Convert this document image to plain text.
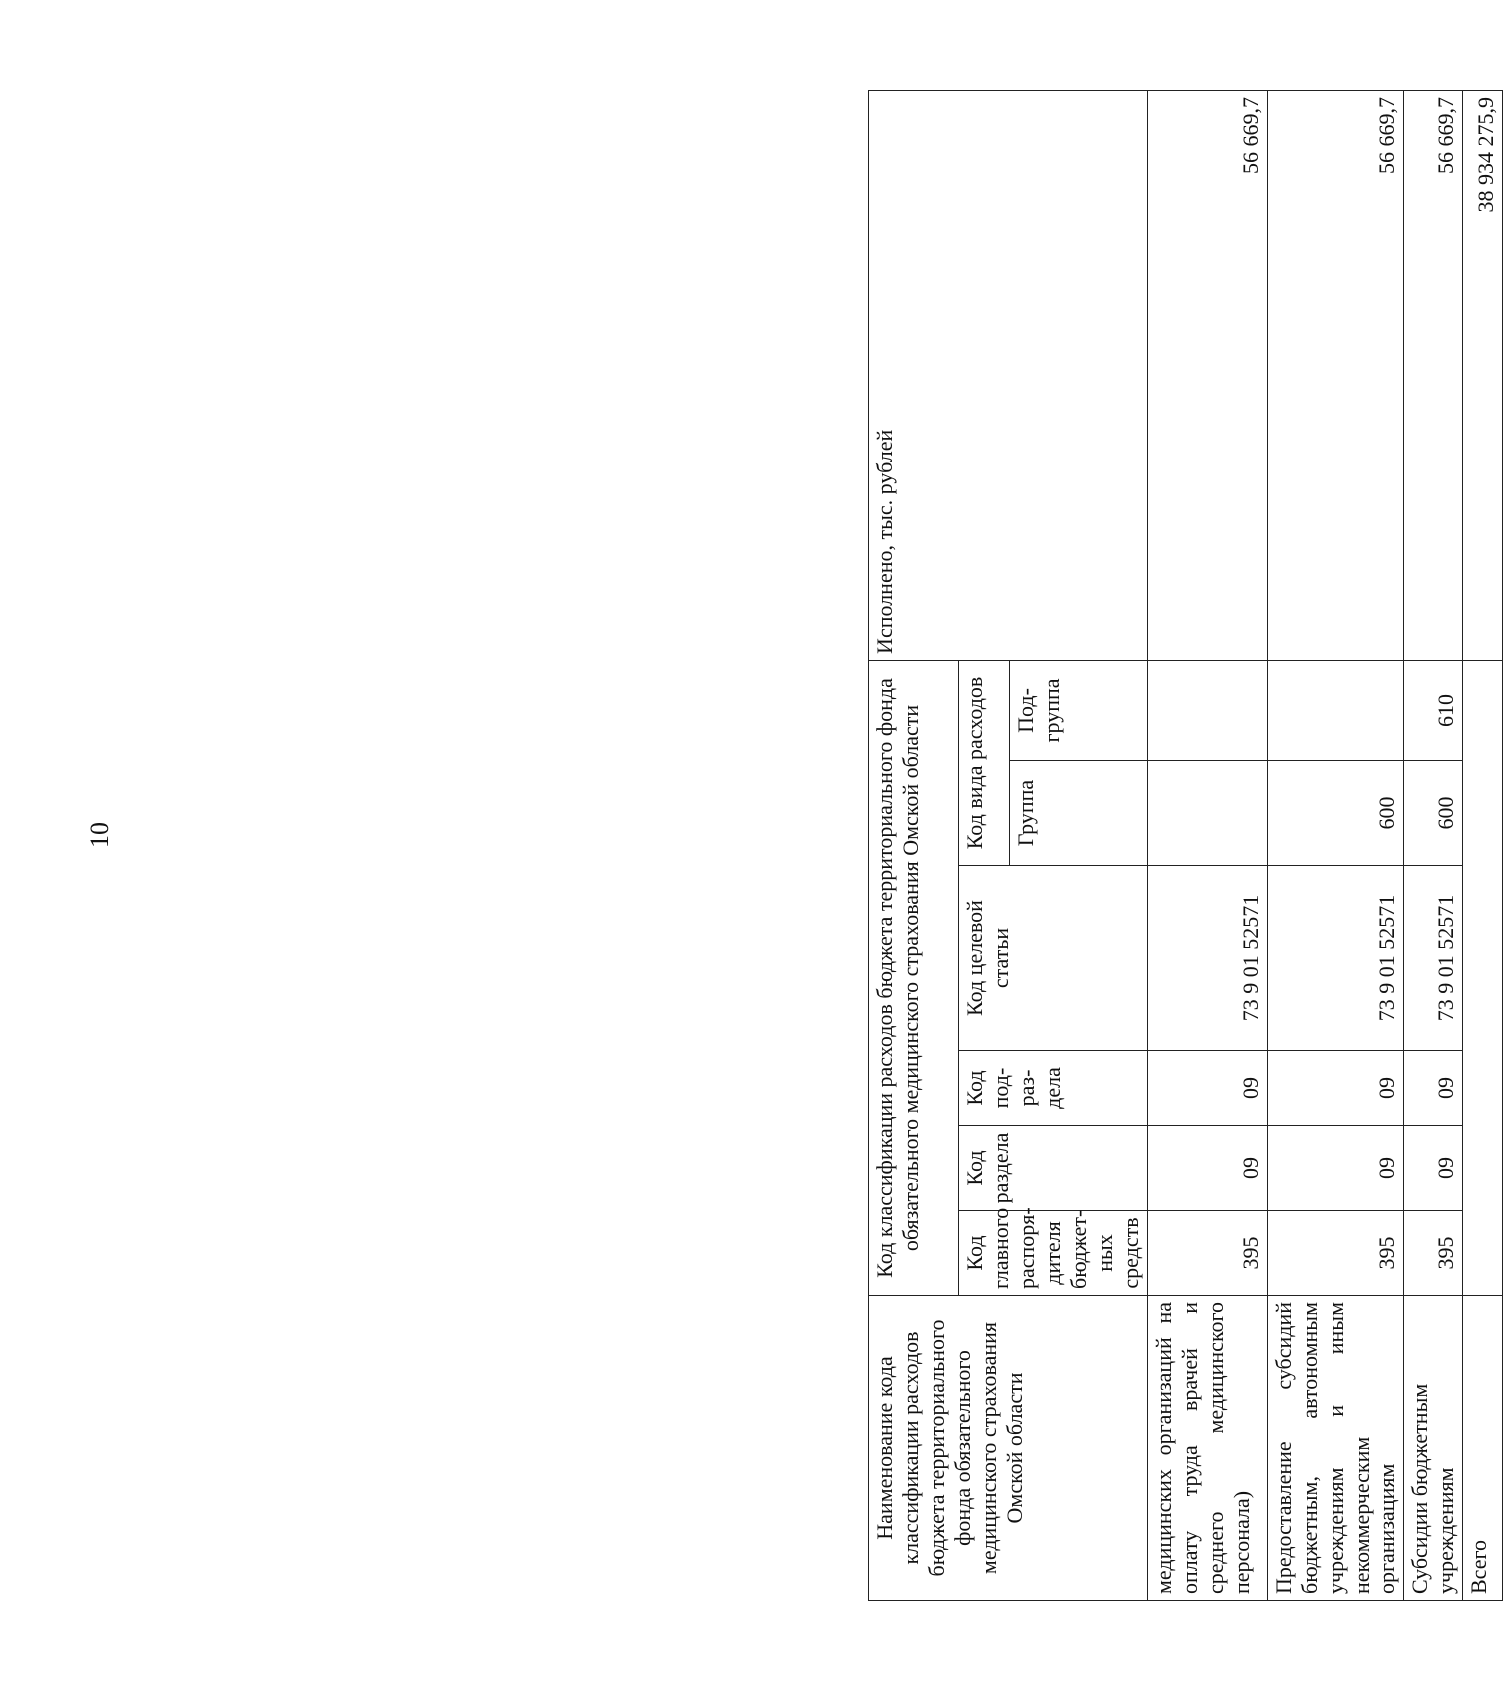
10
Наименование кода классификации расходов бюджета территориального фонда обязательного медицинского страхования Омской области	Код классификации расходов бюджета территориального фонда обязательного медицинского страхования Омской области						Исполнено, тыс. рублей
	Код главного распоря-дителя бюджет-ных средств	Код раздела	Код под-раз-дела	Код целевой статьи	Код вида расходов		
					Группа	Под-группа	
медицинских организаций на оплату труда врачей и среднего медицинского персонала)	395	09	09	73 9 01 52571			56 669,7
Предоставление субсидий бюджетным, автономным учреждениям и иным некоммерческим организациям	395	09	09	73 9 01 52571	600		56 669,7
Субсидии бюджетным учреждениям	395	09	09	73 9 01 52571	600	610	56 669,7
Всего							38 934 275,9
